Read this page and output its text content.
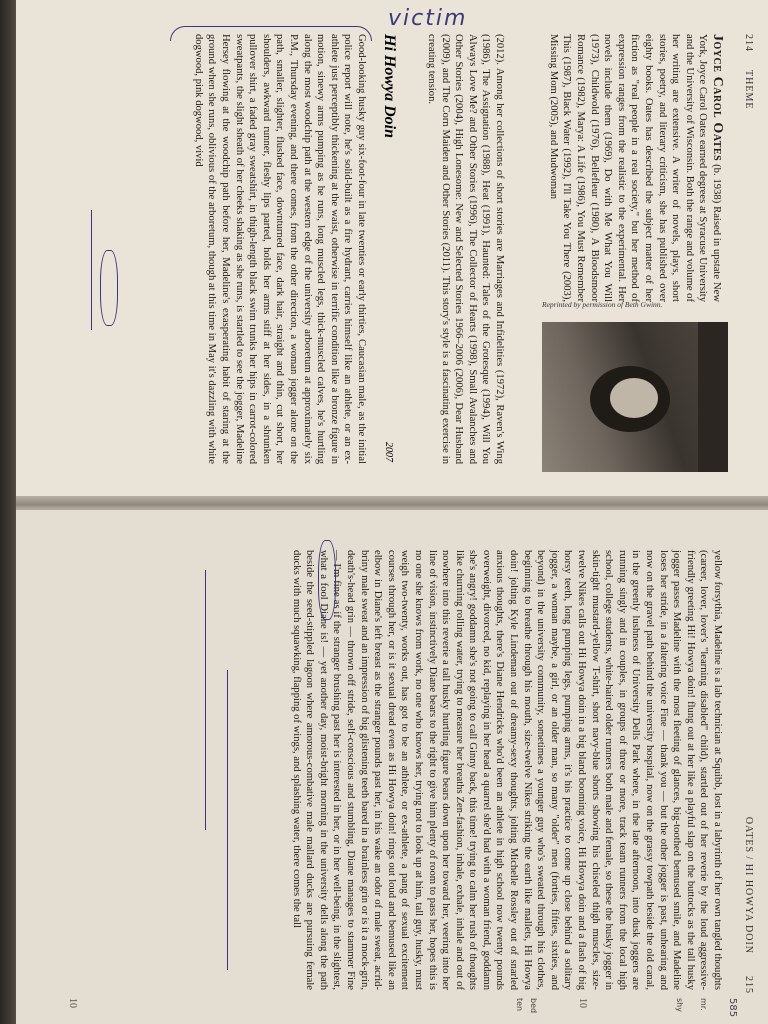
214
THEME
Joyce Carol Oates (b. 1938) Raised in upstate New York, Joyce Carol Oates earned degrees at Syracuse University and the University of Wisconsin. Both the range and volume of her writing are extensive. A writer of novels, plays, short stories, poetry, and literary criticism, she has published over eighty books. Oates has described the subject matter of her fiction as "real people in a real society," but her method of expression ranges from the realistic to the experimental. Her novels include them (1969), Do with Me What You Will (1973), Childwold (1976), Bellefleur (1980), A Bloodsmoor Romance (1982), Marya: A Life (1986), You Must Remember This (1987), Black Water (1992), I'll Take You There (2003), Missing Mom (2005), and Mudwoman
Reprinted by permission of Beth Gwinn.
(2012). Among her collections of short stories are Marriages and Infidelities (1972), Raven's Wing (1986), The Assignation (1988), Heat (1991), Haunted: Tales of the Grotesque (1994), Will You Always Love Me? and Other Stories (1996), The Collector of Hearts (1998), Small Avalanches and Other Stories (2004), High Lonesome: New and Selected Stories 1966–2006 (2006), Dear Husband (2009), and The Corn Maiden and Other Stories (2011). This story's style is a fascinating exercise in creating tension.
Hi Howya Doin
2007
Good-looking husky guy six-foot-four in late twenties or early thirties, Caucasian male, as the initial police report will note, he's solid-built as a fire hydrant, carries himself like an athlete, or an ex-athlete just perceptibly thickening at the waist, otherwise in terrific condition like a bronze figure in motion, sinewy arms pumping as he runs, long muscled legs, thick-muscled calves, he's hurtling along the most woodchip path at the western edge of the university arboretum at approximately six P.M., Thursday evening, and there comes, from the other direction, a woman jogger alone on the path, smaller, slighter, flushed face, downturned face, dark hair, straight and thin, cut short, her shoulders, awkward runner, fleshy lips parted, holds her arms stiff at her sides, in a shrunken pullover shirt, a faded gray sweatshirt, in thigh-length black swim trunks her hips in carrot-colored sweatpants, the slight sheath of her cheeks shaking as she runs, is startled to see the jogger, Madeline Hersey flowing at the woodchip path before her, Madeline's exasperating habit of staring at the ground when she runs, oblivious of the arboretum, though at this time in May it's dazzling with white dogwood, pink dogwood, vivid
victim
OATES / HI HOWYA DOIN
215
yellow forsythia, Madeline is a lab technician at Squibb, lost in a labyrinth of her own tangled thoughts (career, lover, lover's "learning disabled" child), startled out of her reverie by the loud aggressive-friendly greeting Hi! Howya doin! flung out at her like a playful slap on the buttocks as the tall husky jogger passes Madeline with the most fleeting of glances, big-toothed bemused smile, and Madeline loses her stride, in a faltering voice Fine — thank you — but the other jogger is past, unhearing and now on the gravel path behind the university hospital, now on the grassy towpath beside the old canal, in the greenly lushness of University Dells Park where, in the late afternoon, into dusk joggers are running singly and in couples, in groups of three or more, track team runners from the local high school, college students, white-haired older runners both male and female, so these the husky jogger in skin-tight mustard-yellow T-shirt, short navy-blue shorts showing his chiseled thigh muscles, size-twelve Nikes calls out Hi Howya doin in a big bland booming voice, Hi Howya doin and a flash of big horsy teeth, long pumping legs, pumping arms, it's his practice to come up close behind a solitary jogger, a woman maybe, a girl, or an older man, so many "older" men (forties, fifties, sixties, and beyond) in the university community, sometimes a younger guy who's sweated through his clothes, beginning to breathe through his mouth, size-twelve Nikes striking the earth like mallets, Hi Howya doin! jolting Kyle Lindeman out of dreamy-sexy thoughts, jolting Michelle Rossley out of snarled anxious thoughts, there's Diane Hendricks who'd been an athlete in high school now twenty pounds overweight, divorced, no kid, replaying in her head a quarrel she'd had with a woman friend, goddamn she's angry! goddamn she's not going to call Ginny back, this time! trying to calm her rush of thoughts like churning rolling water, trying to measure her breaths Zen-fashion, inhale, exhale, inhale and out of nowhere into this reverie a tall husky hurtling figure bears down upon her toward her, veering into her line of vision, instinctively Diane bears to the right to give him plenty of room to pass her, hopes this is no one she knows from work, no one who knows her, trying not to look up at him, tall guy, husky, must weigh two-twenty, works out, has got to be an athlete, or ex-athlete, a pang of sexual excitement courses through her, or is it sexual dread even as Hi Howya doin! rings out loud and bemused like an elbow in Diane's left breast as the stranger pounds past her, in his wake an odor of male sweat, acrid-briny male sweat and an impression of big glistening teeth bared in a brainless grin or is it a mock-grin, death's-head grin — thrown off stride, self-conscious and stumbling, Diane manages to stammer Fine — I'm fine as if the stranger brushing past her is interested in her, or in her well-being, in the slightest, what a fool Diane is! — yet another day, moist-bright morning in the university dells along the path beside the seed-stippled lagoon where amorous-combative male mallard ducks are pursuing female ducks with much squawking, flapping of wings, and splashing water, there comes the tall
shy mr.
bed
ten	10
10	585
